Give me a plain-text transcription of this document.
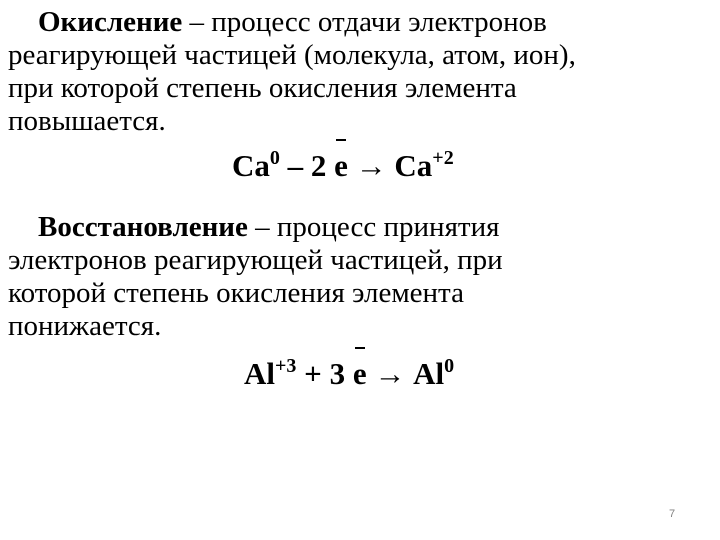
Окисление – процесс отдачи электронов
реагирующей частицей (молекула, атом, ион),
при которой степень окисления элемента
повышается.
Ca$^0$ – 2 $e \to Ca^{+2}$
Восстановление – процесс принятия
электронов реагирующей частицей, при
которой степень окисления элемента
понижается.
$Al^{+3} + 3$ $e \to Al^0$
7
